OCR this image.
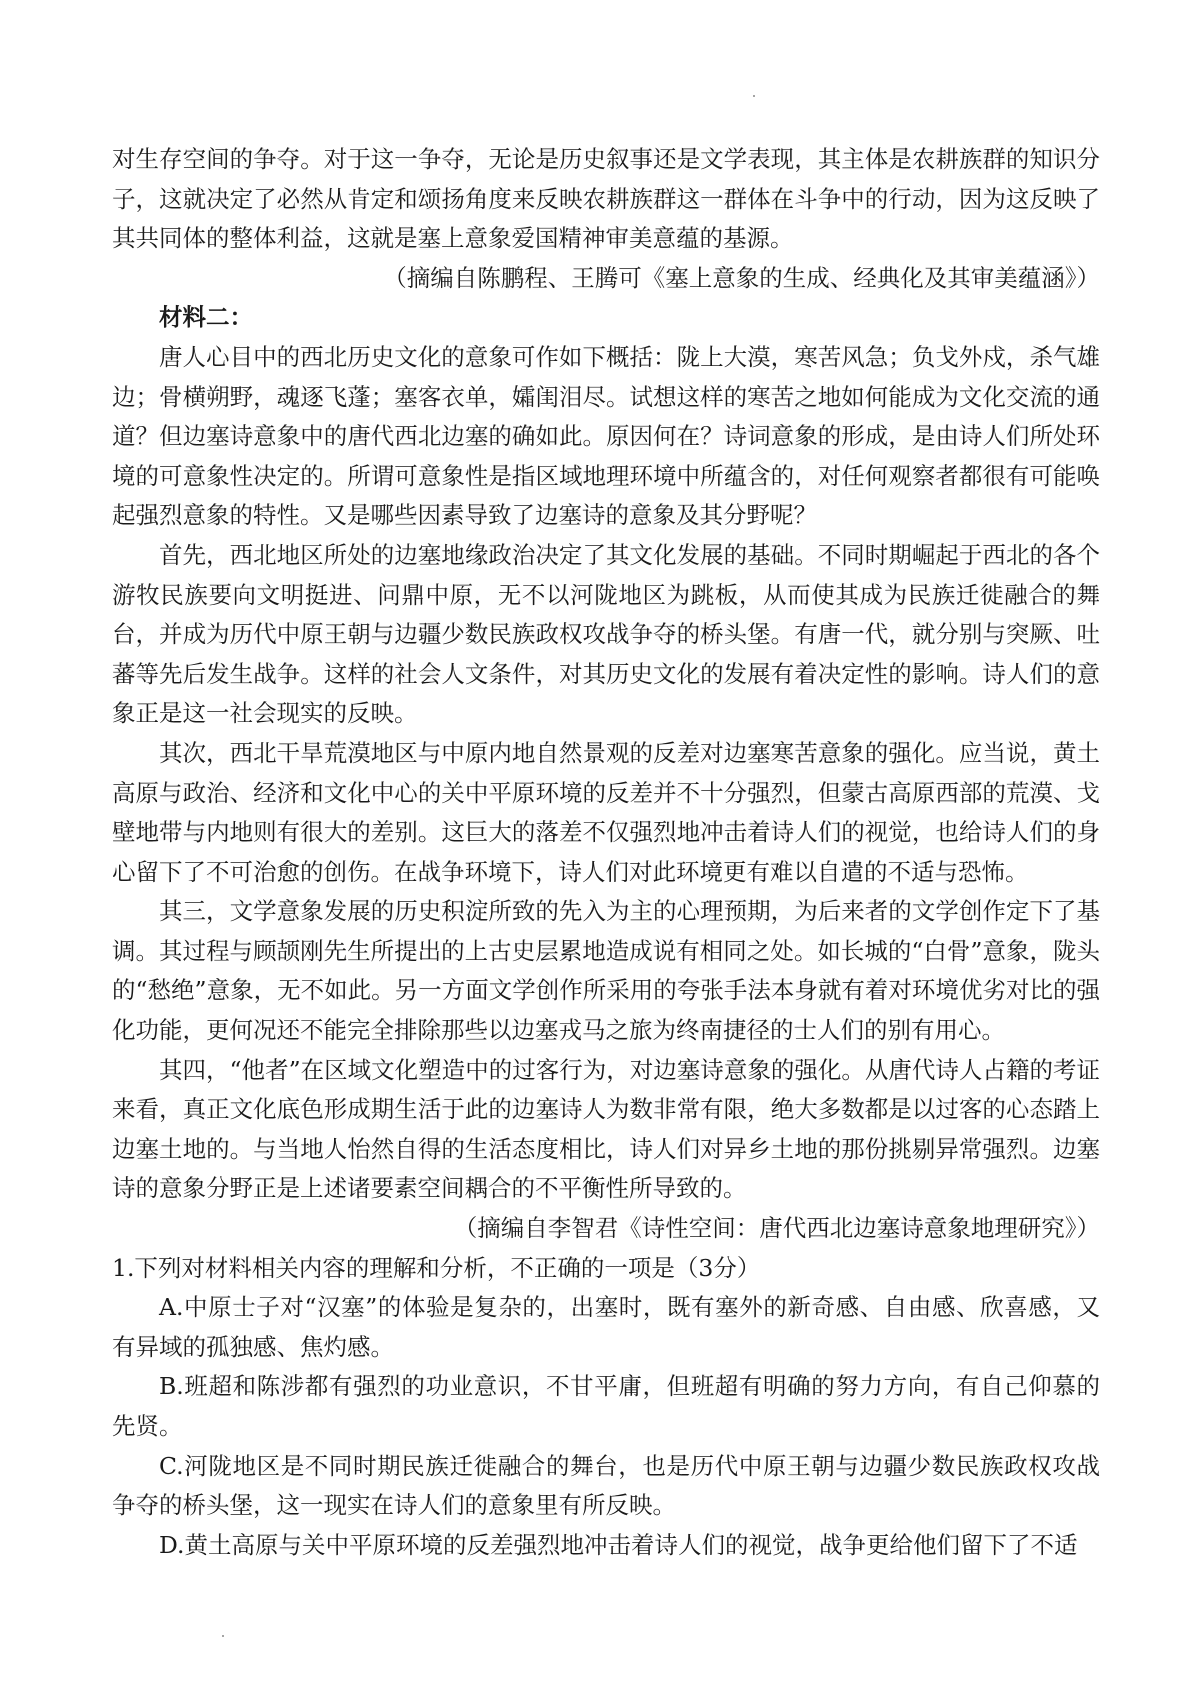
对生存空间的争夺。对于这一争夺，无论是历史叙事还是文学表现，其主体是农耕族群的知识分子，这就决定了必然从肯定和颂扬角度来反映农耕族群这一群体在斗争中的行动，因为这反映了其共同体的整体利益，这就是塞上意象爱国精神审美意蕴的基源。

（摘编自陈鹏程、王腾可《塞上意象的生成、经典化及其审美蕴涵》）

材料二：

唐人心目中的西北历史文化的意象可作如下概括：陇上大漠，寒苦风急；负戈外戍，杀气雄边；骨横朔野，魂逐飞蓬；塞客衣单，孀闺泪尽。试想这样的寒苦之地如何能成为文化交流的通道？但边塞诗意象中的唐代西北边塞的确如此。原因何在？诗词意象的形成，是由诗人们所处环境的可意象性决定的。所谓可意象性是指区域地理环境中所蕴含的，对任何观察者都很有可能唤起强烈意象的特性。又是哪些因素导致了边塞诗的意象及其分野呢？

首先，西北地区所处的边塞地缘政治决定了其文化发展的基础。不同时期崛起于西北的各个游牧民族要向文明挺进、问鼎中原，无不以河陇地区为跳板，从而使其成为民族迁徙融合的舞台，并成为历代中原王朝与边疆少数民族政权攻战争夺的桥头堡。有唐一代，就分别与突厥、吐蕃等先后发生战争。这样的社会人文条件，对其历史文化的发展有着决定性的影响。诗人们的意象正是这一社会现实的反映。

其次，西北干旱荒漠地区与中原内地自然景观的反差对边塞寒苦意象的强化。应当说，黄土高原与政治、经济和文化中心的关中平原环境的反差并不十分强烈，但蒙古高原西部的荒漠、戈壁地带与内地则有很大的差别。这巨大的落差不仅强烈地冲击着诗人们的视觉，也给诗人们的身心留下了不可治愈的创伤。在战争环境下，诗人们对此环境更有难以自遣的不适与恐怖。

其三，文学意象发展的历史积淀所致的先入为主的心理预期，为后来者的文学创作定下了基调。其过程与顾颉刚先生所提出的上古史层累地造成说有相同之处。如长城的“白骨”意象，陇头的“愁绝”意象，无不如此。另一方面文学创作所采用的夸张手法本身就有着对环境优劣对比的强化功能，更何况还不能完全排除那些以边塞戎马之旅为终南捷径的士人们的别有用心。

其四，“他者”在区域文化塑造中的过客行为，对边塞诗意象的强化。从唐代诗人占籍的考证来看，真正文化底色形成期生活于此的边塞诗人为数非常有限，绝大多数都是以过客的心态踏上边塞土地的。与当地人怡然自得的生活态度相比，诗人们对异乡土地的那份挑剔异常强烈。边塞诗的意象分野正是上述诸要素空间耦合的不平衡性所导致的。

（摘编自李智君《诗性空间：唐代西北边塞诗意象地理研究》）

1.下列对材料相关内容的理解和分析，不正确的一项是（3分）

A.中原士子对“汉塞”的体验是复杂的，出塞时，既有塞外的新奇感、自由感、欣喜感，又有异域的孤独感、焦灼感。

B.班超和陈涉都有强烈的功业意识，不甘平庸，但班超有明确的努力方向，有自己仰慕的先贤。

C.河陇地区是不同时期民族迁徙融合的舞台，也是历代中原王朝与边疆少数民族政权攻战争夺的桥头堡，这一现实在诗人们的意象里有所反映。

D.黄土高原与关中平原环境的反差强烈地冲击着诗人们的视觉，战争更给他们留下了不适
